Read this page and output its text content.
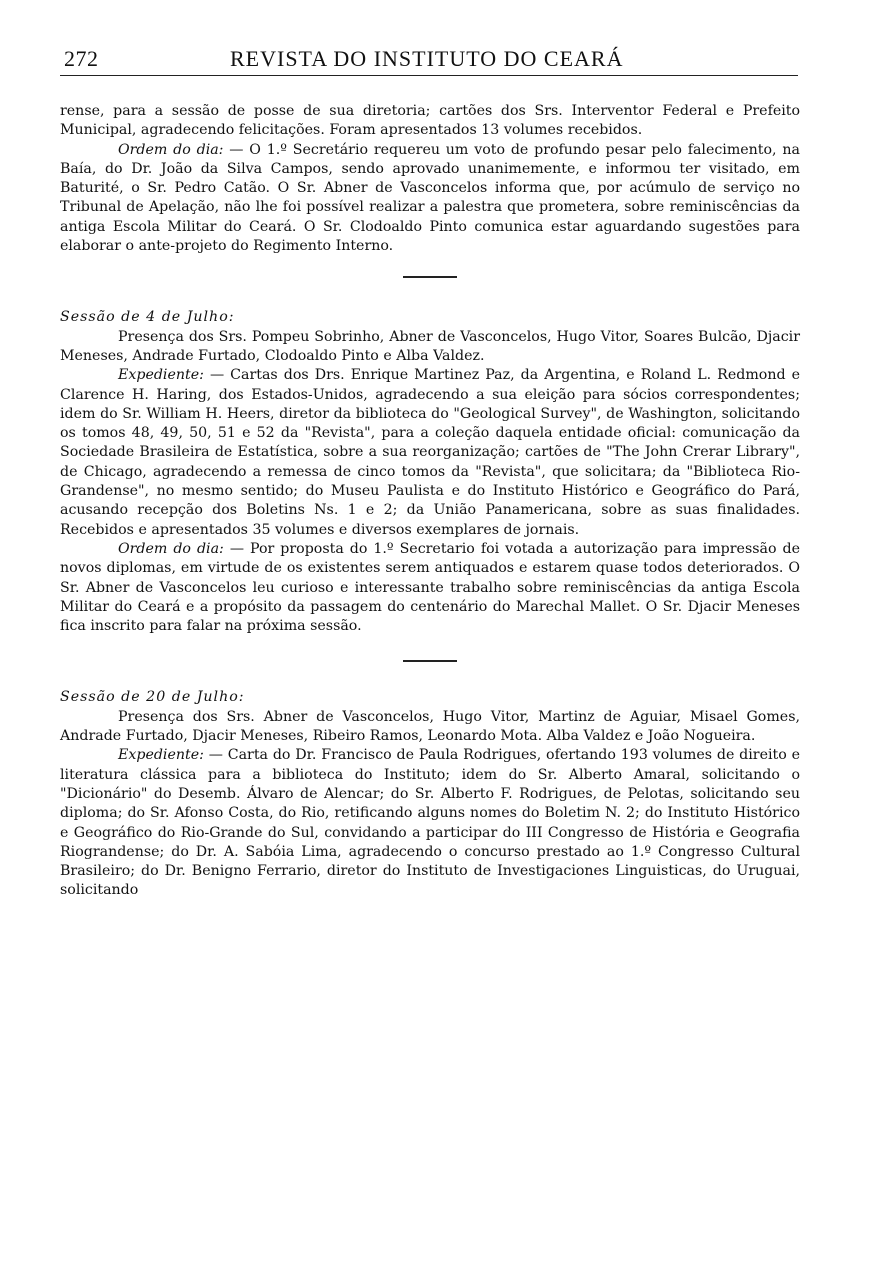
272	REVISTA DO INSTITUTO DO CEARÁ

rense, para a sessão de posse de sua diretoria; cartões dos Srs. Interventor Federal e Prefeito Municipal, agradecendo felicitações. Foram apresentados 13 volumes recebidos.

Ordem do dia: — O 1.º Secretário requereu um voto de profundo pesar pelo falecimento, na Baía, do Dr. João da Silva Campos, sendo aprovado unanimemente, e informou ter visitado, em Baturité, o Sr. Pedro Catão. O Sr. Abner de Vasconcelos informa que, por acúmulo de serviço no Tribunal de Apelação, não lhe foi possível realizar a palestra que prometera, sobre reminiscências da antiga Escola Militar do Ceará. O Sr. Clodoaldo Pinto comunica estar aguardando sugestões para elaborar o ante-projeto do Regimento Interno.

Sessão de 4 de Julho:

Presença dos Srs. Pompeu Sobrinho, Abner de Vasconcelos, Hugo Vitor, Soares Bulcão, Djacir Meneses, Andrade Furtado, Clodoaldo Pinto e Alba Valdez.

Expediente: — Cartas dos Drs. Enrique Martinez Paz, da Argentina, e Roland L. Redmond e Clarence H. Haring, dos Estados-Unidos, agradecendo a sua eleição para sócios correspondentes; idem do Sr. William H. Heers, diretor da biblioteca do "Geological Survey", de Washington, solicitando os tomos 48, 49, 50, 51 e 52 da "Revista", para a coleção daquela entidade oficial: comunicação da Sociedade Brasileira de Estatística, sobre a sua reorganização; cartões de "The John Crerar Library", de Chicago, agradecendo a remessa de cinco tomos da "Revista", que solicitara; da "Biblioteca Rio-Grandense", no mesmo sentido; do Museu Paulista e do Instituto Histórico e Geográfico do Pará, acusando recepção dos Boletins Ns. 1 e 2; da União Panamericana, sobre as suas finalidades. Recebidos e apresentados 35 volumes e diversos exemplares de jornais.

Ordem do dia: — Por proposta do 1.º Secretario foi votada a autorização para impressão de novos diplomas, em virtude de os existentes serem antiquados e estarem quase todos deteriorados. O Sr. Abner de Vasconcelos leu curioso e interessante trabalho sobre reminiscências da antiga Escola Militar do Ceará e a propósito da passagem do centenário do Marechal Mallet. O Sr. Djacir Meneses fica inscrito para falar na próxima sessão.

Sessão de 20 de Julho:

Presença dos Srs. Abner de Vasconcelos, Hugo Vitor, Martinz de Aguiar, Misael Gomes, Andrade Furtado, Djacir Meneses, Ribeiro Ramos, Leonardo Mota. Alba Valdez e João Nogueira.

Expediente: — Carta do Dr. Francisco de Paula Rodrigues, ofertando 193 volumes de direito e literatura clássica para a biblioteca do Instituto; idem do Sr. Alberto Amaral, solicitando o "Dicionário" do Desemb. Álvaro de Alencar; do Sr. Alberto F. Rodrigues, de Pelotas, solicitando seu diploma; do Sr. Afonso Costa, do Rio, retificando alguns nomes do Boletim N. 2; do Instituto Histórico e Geográfico do Rio-Grande do Sul, convidando a participar do III Congresso de História e Geografia Riograndense; do Dr. A. Sabóia Lima, agradecendo o concurso prestado ao 1.º Congresso Cultural Brasileiro; do Dr. Benigno Ferrario, diretor do Instituto de Investigaciones Linguisticas, do Uruguai, solicitando
